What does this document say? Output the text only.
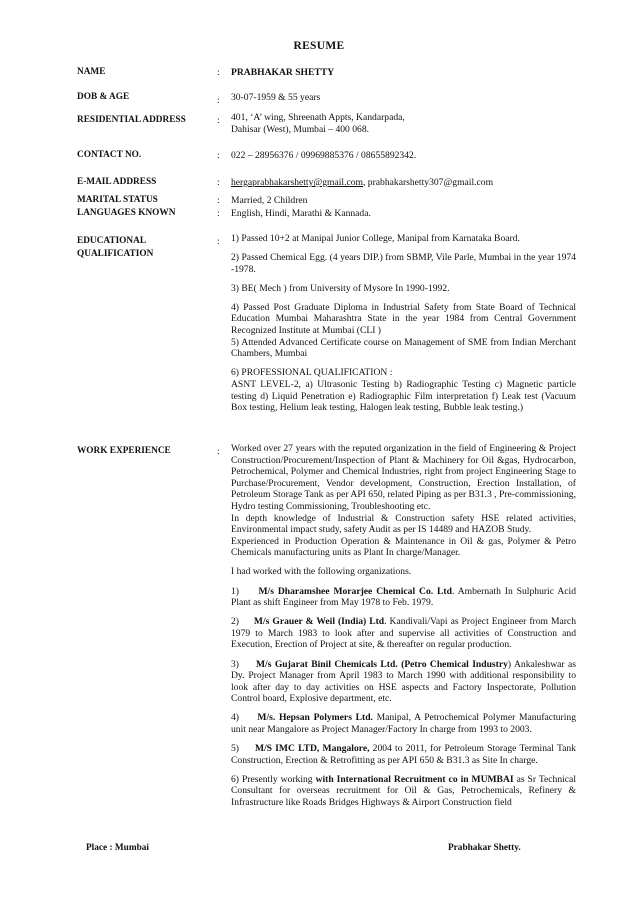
RESUME
NAME	: PRABHAKAR SHETTY
DOB & AGE	: 30-07-1959 & 55 years
RESIDENTIAL ADDRESS	: 401, ‘A’ wing, Shreenath Appts, Kandarpada,
Dahisar (West), Mumbai – 400 068.
CONTACT NO.	: 022 – 28956376 / 09969885376 / 08655892342.
E-MAIL ADDRESS	: hergaprabhakarshetty@gmail.com, prabhakarshetty307@gmail.com
MARITAL STATUS	: Married, 2 Children
LANGUAGES KNOWN	: English, Hindi, Marathi & Kannada.
EDUCATIONAL
QUALIFICATION
: 1) Passed 10+2 at Manipal Junior College, Manipal from Karnataka Board.

2) Passed Chemical Egg. (4 years DIP.) from SBMP, Vile Parle, Mumbai in the year 1974 -1978.

3) BE( Mech ) from University of Mysore In 1990-1992.

4) Passed Post Graduate Diploma in Industrial Safety from State Board of Technical Education Mumbai Maharashtra State in the year 1984 from Central Government Recognized Institute at Mumbai (CLI )

5) Attended Advanced Certificate course on Management of SME from Indian Merchant Chambers, Mumbai

6) PROFESSIONAL QUALIFICATION :

ASNT LEVEL-2, a) Ultrasonic Testing b) Radiographic Testing c) Magnetic particle testing d) Liquid Penetration e) Radiographic Film interpretation f) Leak test (Vacuum Box testing, Helium leak testing, Halogen leak testing, Bubble leak testing.)

WORK EXPERIENCE	: Worked over 27 years with the reputed organization in the field of Engineering & Project Construction/Procurement/Inspection of Plant & Machinery for Oil &gas, Hydrocarbon, Petrochemical, Polymer and Chemical Industries, right from project Engineering Stage to Purchase/Procurement, Vendor development, Construction, Erection Installation, of Petroleum Storage Tank as per API 650, related Piping as per B31.3 , Pre-commissioning, Hydro testing Commissioning, Troubleshooting etc.

In depth knowledge of Industrial & Construction safety HSE related activities, Environmental impact study, safety Audit as per IS 14489 and HAZOB Study.

Experienced in Production Operation & Maintenance in Oil & gas, Polymer & Petro Chemicals manufacturing units as Plant In charge/Manager.

I had worked with the following organizations.

1) M/s Dharamshee Morarjee Chemical Co. Ltd. Ambernath In Sulphuric Acid Plant as shift Engineer from May 1978 to Feb. 1979.

2) M/s Grauer & Weil (India) Ltd. Kandivali/Vapi as Project Engineer from March 1979 to March 1983 to look after and supervise all activities of Construction and Execution, Erection of Project at site, & thereafter on regular production.

3) M/s Gujarat Binil Chemicals Ltd. (Petro Chemical Industry) Ankaleshwar as Dy. Project Manager from April 1983 to March 1990 with additional responsibility to look after day to day activities on HSE aspects and Factory Inspectorate, Pollution Control board, Explosive department, etc.

4) M/s. Hepsan Polymers Ltd. Manipal, A Petrochemical Polymer Manufacturing unit near Mangalore as Project Manager/Factory In charge from 1993 to 2003.

5) M/S IMC LTD, Mangalore, 2004 to 2011, for Petroleum Storage Terminal Tank Construction, Erection & Retrofitting as per API 650 & B31.3 as Site In charge.

6) Presently working with International Recruitment co in MUMBAI as Sr Technical Consultant for overseas recruitment for Oil & Gas, Petrochemicals, Refinery & Infrastructure like Roads Bridges Highways & Airport Construction field

Place : Mumbai	Prabhakar Shetty.
